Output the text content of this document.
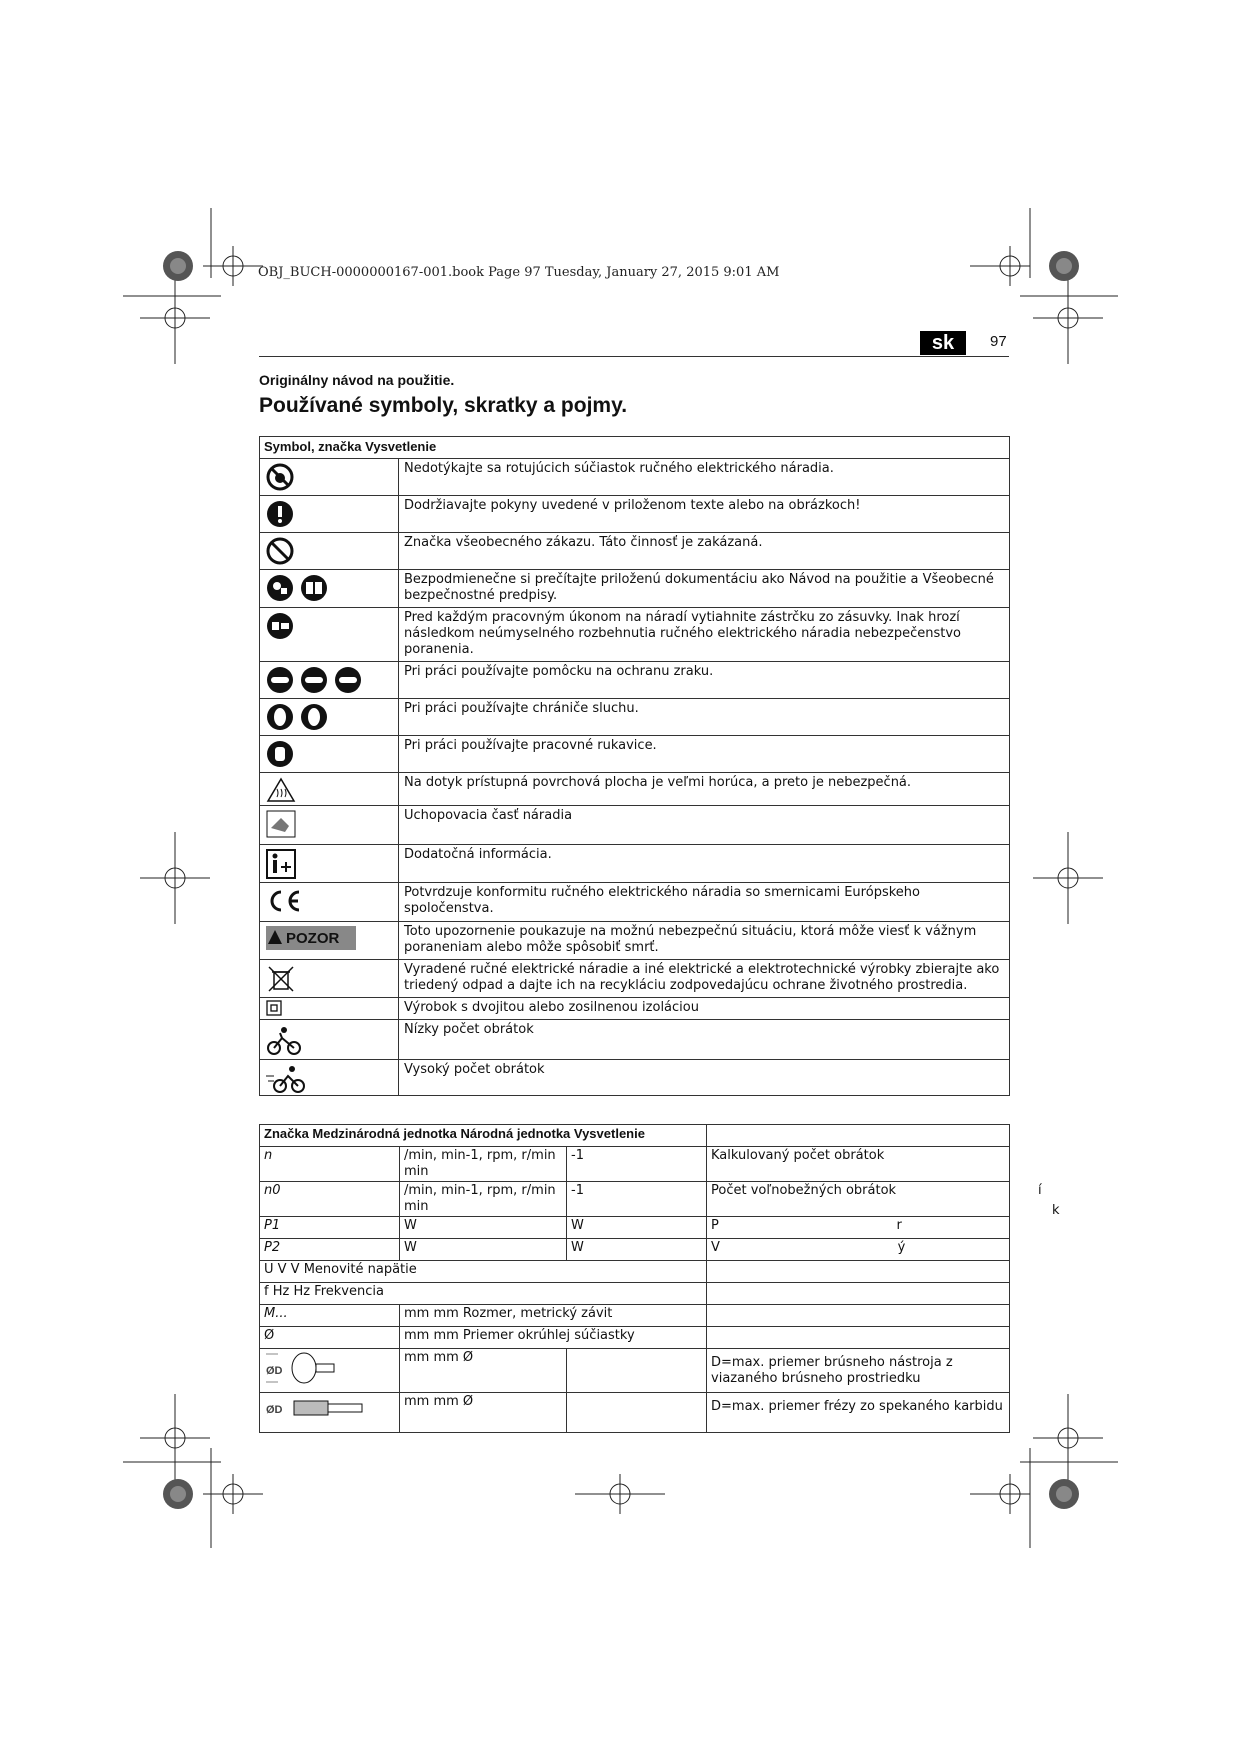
OBJ_BUCH-0000000167-001.book Page 97 Tuesday, January 27, 2015 9:01 AM
sk	97
Originálny návod na použitie.
Používané symboly, skratky a pojmy.
Symbol, značka Vysvetlenie	
	Nedotýkajte sa rotujúcich súčiastok ručného elektrického náradia.
	Dodržiavajte pokyny uvedené v priloženom texte alebo na obrázkoch!
	Značka všeobecného zákazu. Táto činnosť je zakázaná.
	Bezpodmienečne si prečítajte priloženú dokumentáciu ako Návod na použitie a Všeobecné bezpečnostné predpisy.
	Pred každým pracovným úkonom na náradí vytiahnite zástrčku zo zásuvky. Inak hrozí následkom neúmyselného rozbehnutia ručného elektrického náradia nebezpečenstvo poranenia.
	Pri práci používajte pomôcku na ochranu zraku.
	Pri práci používajte chrániče sluchu.
	Pri práci používajte pracovné rukavice.
	Na dotyk prístupná povrchová plocha je veľmi horúca, a preto je nebezpečná.
	Uchopovacia časť náradia
	Dodatočná informácia.
	Potvrdzuje konformitu ručného elektrického náradia so smernicami Európskeho spoločenstva.

POZOR	Toto upozornenie poukazuje na možnú nebezpečnú situáciu, ktorá môže viesť k vážnym poraneniam alebo môže spôsobiť smrť.
	Vyradené ručné elektrické náradie a iné elektrické a elektrotechnické výrobky zbierajte ako triedený odpad a dajte ich na recykláciu zodpovedajúcu ochrane životného prostredia.
	Výrobok s dvojitou alebo zosilnenou izoláciou
	Nízky počet obrátok
	Vysoký počet obrátok
Značka Medzinárodná jednotka Národná jednotka Vysvetlenie			
n	/min, min-1, rpm, r/min min	-1	Kalkulovaný počet obrátok
n0	/min, min-1, rpm, r/min min	-1	Počet voľnobežných obrátok
P1	W	W	P                                           r
P2	W	W	V                                           ý
U V V Menovité napätie			
f Hz Hz Frekvencia			
M...	mm mm Rozmer, metrický závit		
Ø	mm mm Priemer okrúhlej súčiastky		

ØD	mm mm Ø		D=max. priemer brúsneho nástroja z viazaného brúsneho prostriedku

ØD	mm mm Ø		D=max. priemer frézy zo spekaného karbidu
í
k
